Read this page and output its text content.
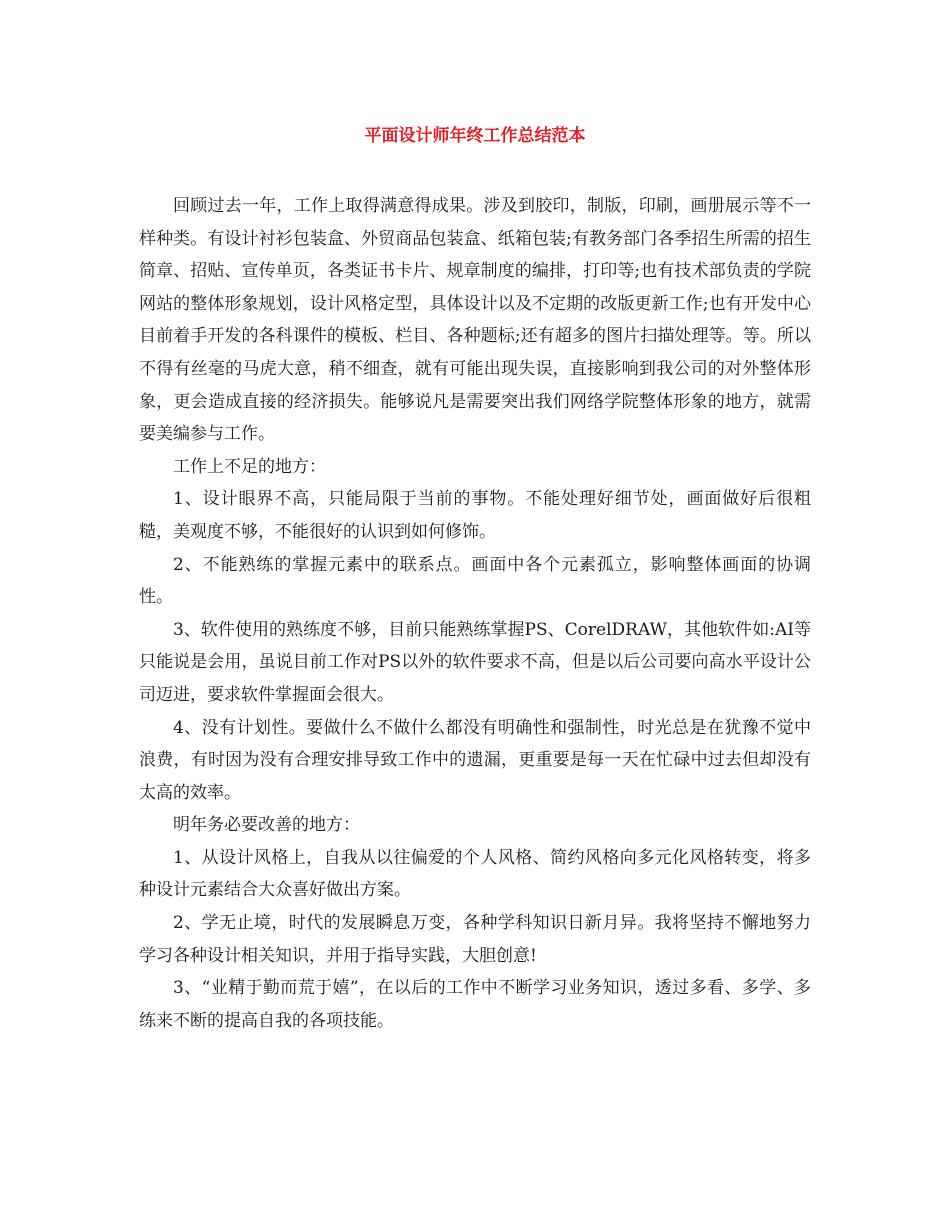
平面设计师年终工作总结范本

回顾过去一年，工作上取得满意得成果。涉及到胶印，制版，印刷，画册展示等不一样种类。有设计衬衫包装盒、外贸商品包装盒、纸箱包装;有教务部门各季招生所需的招生简章、招贴、宣传单页，各类证书卡片、规章制度的编排，打印等;也有技术部负责的学院网站的整体形象规划，设计风格定型，具体设计以及不定期的改版更新工作;也有开发中心目前着手开发的各科课件的模板、栏目、各种题标;还有超多的图片扫描处理等。等。所以不得有丝毫的马虎大意，稍不细查，就有可能出现失误，直接影响到我公司的对外整体形象，更会造成直接的经济损失。能够说凡是需要突出我们网络学院整体形象的地方，就需要美编参与工作。

工作上不足的地方：

1、设计眼界不高，只能局限于当前的事物。不能处理好细节处，画面做好后很粗糙，美观度不够，不能很好的认识到如何修饰。

2、不能熟练的掌握元素中的联系点。画面中各个元素孤立，影响整体画面的协调性。

3、软件使用的熟练度不够，目前只能熟练掌握PS、CorelDRAW，其他软件如:AI等只能说是会用，虽说目前工作对PS以外的软件要求不高，但是以后公司要向高水平设计公司迈进，要求软件掌握面会很大。

4、没有计划性。要做什么不做什么都没有明确性和强制性，时光总是在犹豫不觉中浪费，有时因为没有合理安排导致工作中的遗漏，更重要是每一天在忙碌中过去但却没有太高的效率。

明年务必要改善的地方：

1、从设计风格上，自我从以往偏爱的个人风格、简约风格向多元化风格转变，将多种设计元素结合大众喜好做出方案。

2、学无止境，时代的发展瞬息万变，各种学科知识日新月异。我将坚持不懈地努力学习各种设计相关知识，并用于指导实践，大胆创意!

3、“业精于勤而荒于嬉”，在以后的工作中不断学习业务知识，透过多看、多学、多练来不断的提高自我的各项技能。
